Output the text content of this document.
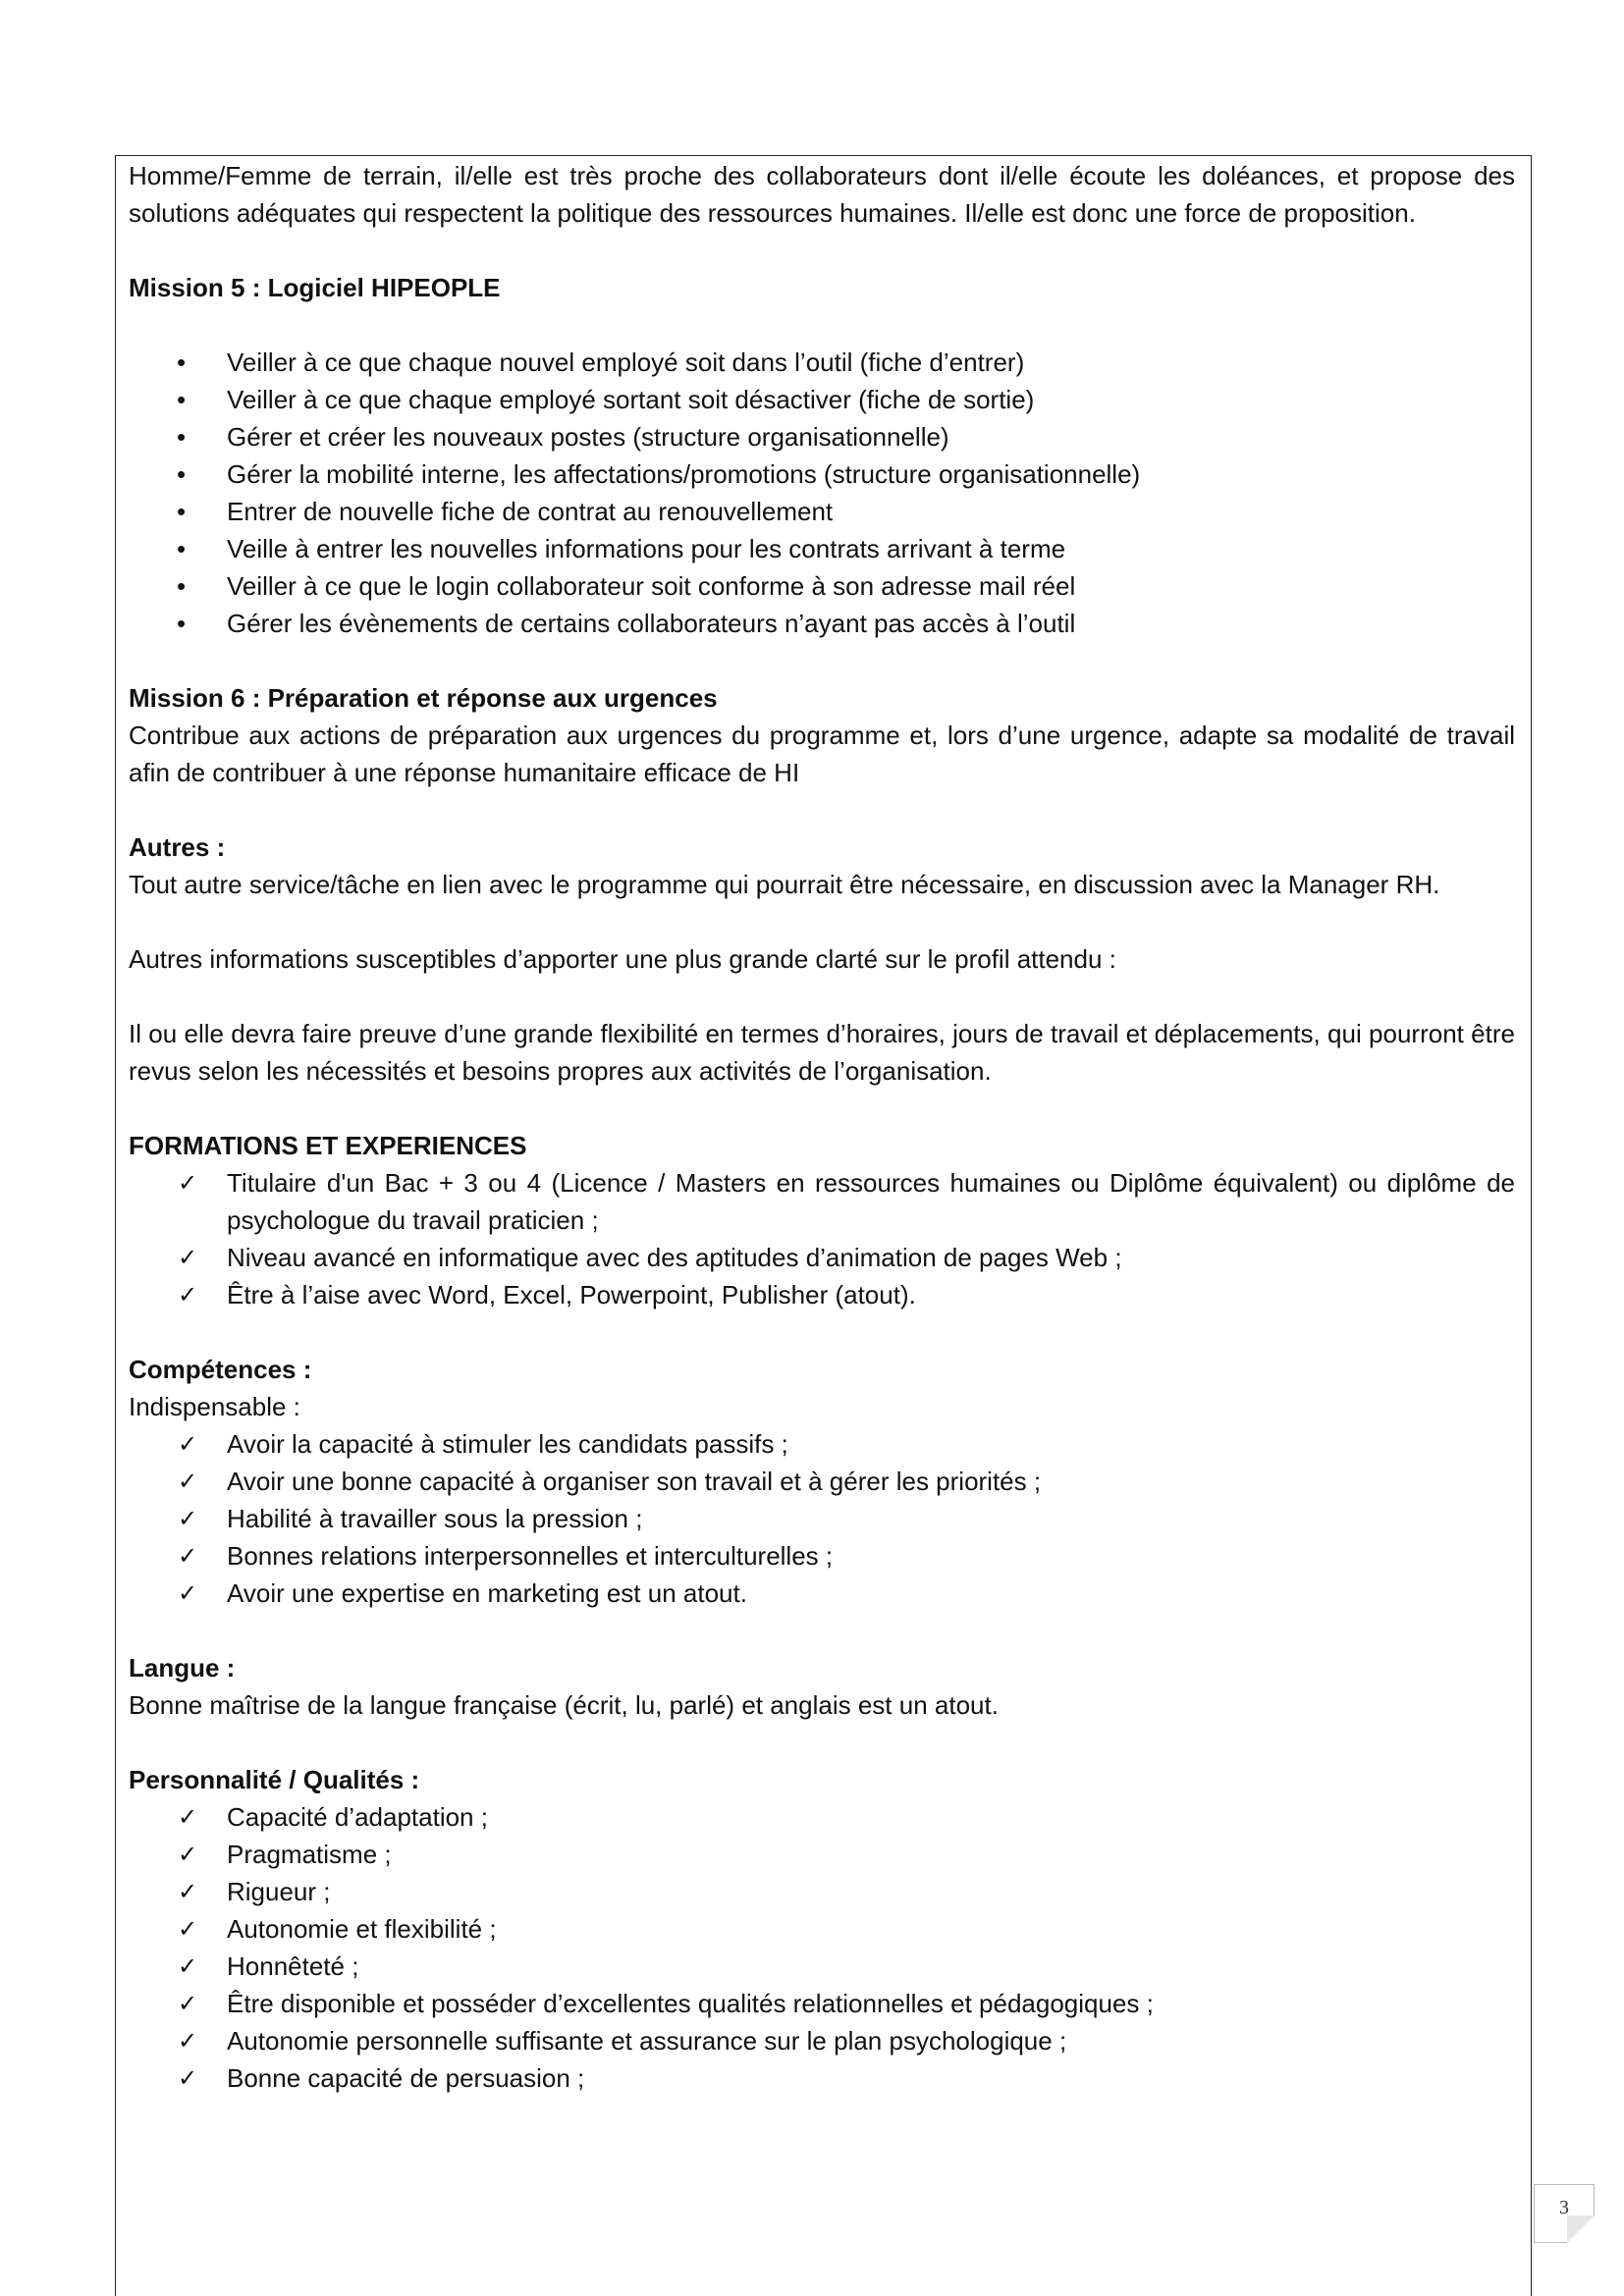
Homme/Femme de terrain, il/elle est très proche des collaborateurs dont il/elle écoute les doléances, et propose des solutions adéquates qui respectent la politique des ressources humaines. Il/elle est donc une force de proposition.

Mission 5 : Logiciel HIPEOPLE

• Veiller à ce que chaque nouvel employé soit dans l’outil (fiche d’entrer)
• Veiller à ce que chaque employé sortant soit désactiver (fiche de sortie)
• Gérer et créer les nouveaux postes (structure organisationnelle)
• Gérer la mobilité interne, les affectations/promotions (structure organisationnelle)
• Entrer de nouvelle fiche de contrat au renouvellement
• Veille à entrer les nouvelles informations pour les contrats arrivant à terme
• Veiller à ce que le login collaborateur soit conforme à son adresse mail réel
• Gérer les évènements de certains collaborateurs n’ayant pas accès à l’outil

Mission 6 : Préparation et réponse aux urgences

Contribue aux actions de préparation aux urgences du programme et, lors d’une urgence, adapte sa modalité de travail afin de contribuer à une réponse humanitaire efficace de HI

Autres :

Tout autre service/tâche en lien avec le programme qui pourrait être nécessaire, en discussion avec la Manager RH.

Autres informations susceptibles d’apporter une plus grande clarté sur le profil attendu :

Il ou elle devra faire preuve d’une grande flexibilité en termes d’horaires, jours de travail et déplacements, qui pourront être revus selon les nécessités et besoins propres aux activités de l’organisation.

FORMATIONS ET EXPERIENCES

✓ Titulaire d'un Bac + 3 ou 4 (Licence / Masters en ressources humaines ou Diplôme équivalent) ou diplôme de psychologue du travail praticien ;
✓ Niveau avancé en informatique avec des aptitudes d’animation de pages Web ;
✓ Être à l’aise avec Word, Excel, Powerpoint, Publisher (atout).

Compétences :

Indispensable :

✓ Avoir la capacité à stimuler les candidats passifs ;
✓ Avoir une bonne capacité à organiser son travail et à gérer les priorités ;
✓ Habilité à travailler sous la pression ;
✓ Bonnes relations interpersonnelles et interculturelles ;
✓ Avoir une expertise en marketing est un atout.

Langue :

Bonne maîtrise de la langue française (écrit, lu, parlé) et anglais est un atout.

Personnalité / Qualités :

✓ Capacité d’adaptation ;
✓ Pragmatisme ;
✓ Rigueur ;
✓ Autonomie et flexibilité ;
✓ Honnêteté ;
✓ Être disponible et posséder d’excellentes qualités relationnelles et pédagogiques ;
✓ Autonomie personnelle suffisante et assurance sur le plan psychologique ;
✓ Bonne capacité de persuasion ;
3
